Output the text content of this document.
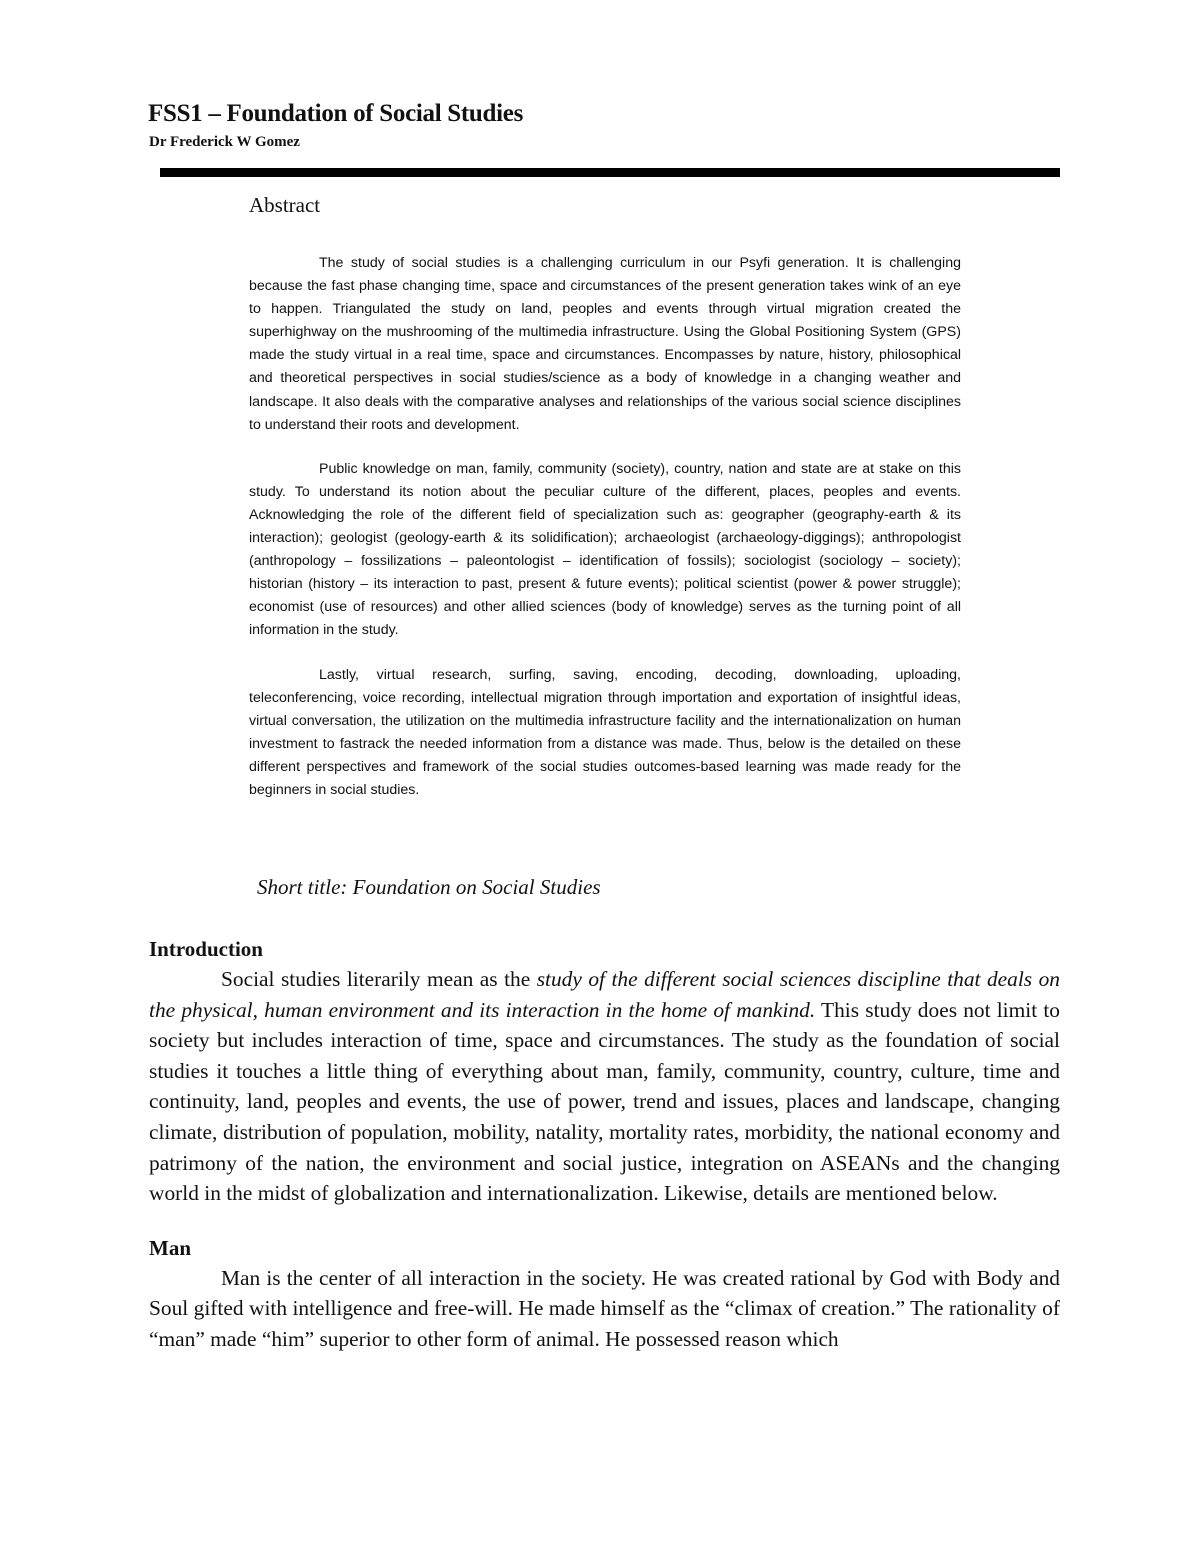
FSS1 – Foundation of Social Studies
Dr Frederick W Gomez
Abstract

The study of social studies is a challenging curriculum in our Psyfi generation. It is challenging because the fast phase changing time, space and circumstances of the present generation takes wink of an eye to happen. Triangulated the study on land, peoples and events through virtual migration created the superhighway on the mushrooming of the multimedia infrastructure. Using the Global Positioning System (GPS) made the study virtual in a real time, space and circumstances. Encompasses by nature, history, philosophical and theoretical perspectives in social studies/science as a body of knowledge in a changing weather and landscape. It also deals with the comparative analyses and relationships of the various social science disciplines to understand their roots and development.

Public knowledge on man, family, community (society), country, nation and state are at stake on this study. To understand its notion about the peculiar culture of the different, places, peoples and events. Acknowledging the role of the different field of specialization such as: geographer (geography-earth & its interaction); geologist (geology-earth & its solidification); archaeologist (archaeology-diggings); anthropologist (anthropology – fossilizations – paleontologist – identification of fossils); sociologist (sociology – society); historian (history – its interaction to past, present & future events); political scientist (power & power struggle); economist (use of resources) and other allied sciences (body of knowledge) serves as the turning point of all information in the study.

Lastly, virtual research, surfing, saving, encoding, decoding, downloading, uploading, teleconferencing, voice recording, intellectual migration through importation and exportation of insightful ideas, virtual conversation, the utilization on the multimedia infrastructure facility and the internationalization on human investment to fastrack the needed information from a distance was made. Thus, below is the detailed on these different perspectives and framework of the social studies outcomes-based learning was made ready for the beginners in social studies.

Short title: Foundation on Social Studies
Introduction

Social studies literarily mean as the study of the different social sciences discipline that deals on the physical, human environment and its interaction in the home of mankind. This study does not limit to society but includes interaction of time, space and circumstances. The study as the foundation of social studies it touches a little thing of everything about man, family, community, country, culture, time and continuity, land, peoples and events, the use of power, trend and issues, places and landscape, changing climate, distribution of population, mobility, natality, mortality rates, morbidity, the national economy and patrimony of the nation, the environment and social justice, integration on ASEANs and the changing world in the midst of globalization and internationalization. Likewise, details are mentioned below.

Man

Man is the center of all interaction in the society. He was created rational by God with Body and Soul gifted with intelligence and free-will. He made himself as the “climax of creation.” The rationality of “man” made “him” superior to other form of animal. He possessed reason which
